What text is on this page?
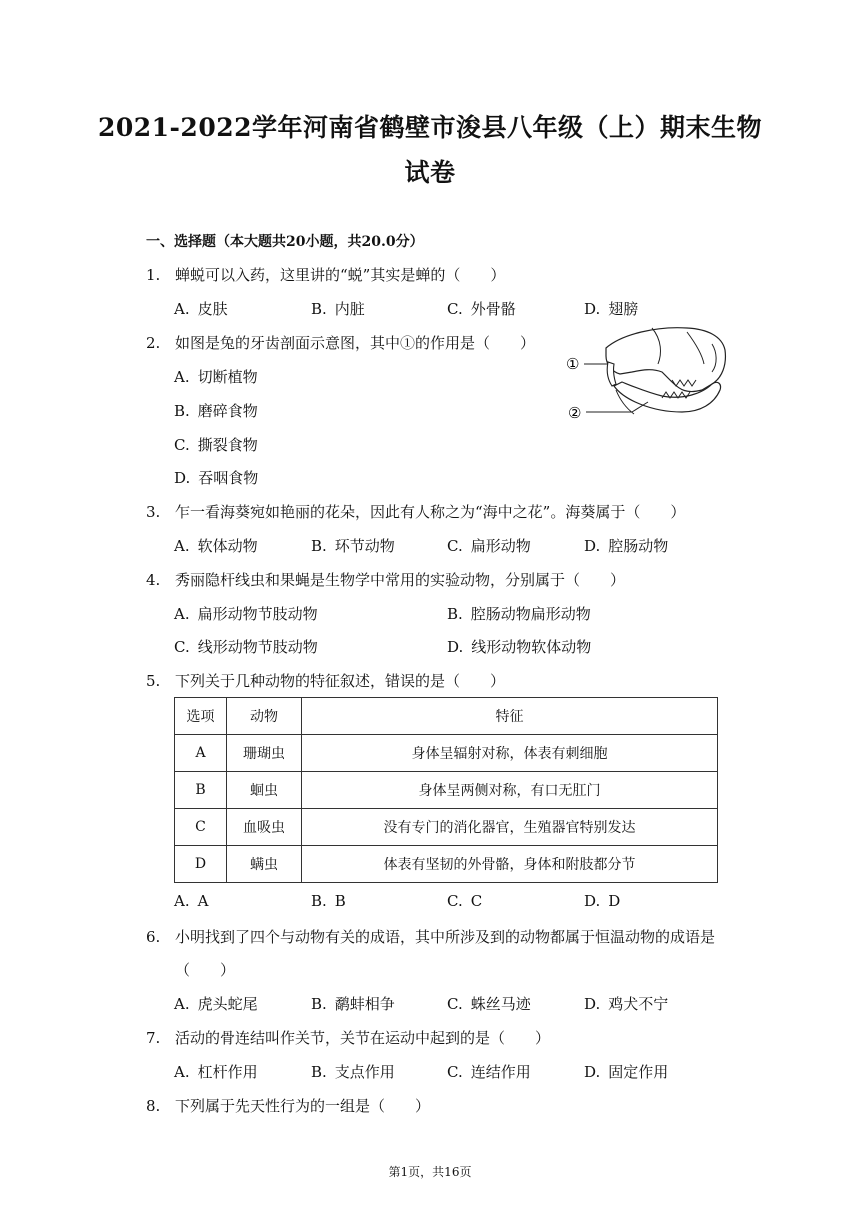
2021-2022学年河南省鹤壁市浚县八年级（上）期末生物
试卷
一、选择题（本大题共20小题，共20.0分）
1. 蝉蜕可以入药，这里讲的“蜕”其实是蝉的（　　）
A. 皮肤	B. 内脏	C. 外骨骼	D. 翅膀
2. 如图是兔的牙齿剖面示意图，其中①的作用是（　　）
A. 切断植物
B. 磨碎食物
C. 撕裂食物
D. 吞咽食物
①
②
3. 乍一看海葵宛如艳丽的花朵，因此有人称之为“海中之花”。海葵属于（　　）
A. 软体动物	B. 环节动物	C. 扁形动物	D. 腔肠动物
4. 秀丽隐杆线虫和果蝇是生物学中常用的实验动物，分别属于（　　）
A. 扁形动物节肢动物	B. 腔肠动物扁形动物
C. 线形动物节肢动物	D. 线形动物软体动物
5. 下列关于几种动物的特征叙述，错误的是（　　）
选项	动物	特征
A	珊瑚虫	身体呈辐射对称，体表有刺细胞
B	蛔虫	身体呈两侧对称，有口无肛门
C	血吸虫	没有专门的消化器官，生殖器官特别发达
D	螨虫	体表有坚韧的外骨骼，身体和附肢都分节
A. A	B. B	C. C	D. D
6. 小明找到了四个与动物有关的成语，其中所涉及到的动物都属于恒温动物的成语是
（　　）
A. 虎头蛇尾	B. 鹬蚌相争	C. 蛛丝马迹	D. 鸡犬不宁
7. 活动的骨连结叫作关节，关节在运动中起到的是（　　）
A. 杠杆作用	B. 支点作用	C. 连结作用	D. 固定作用
8. 下列属于先天性行为的一组是（　　）
第1页，共16页
